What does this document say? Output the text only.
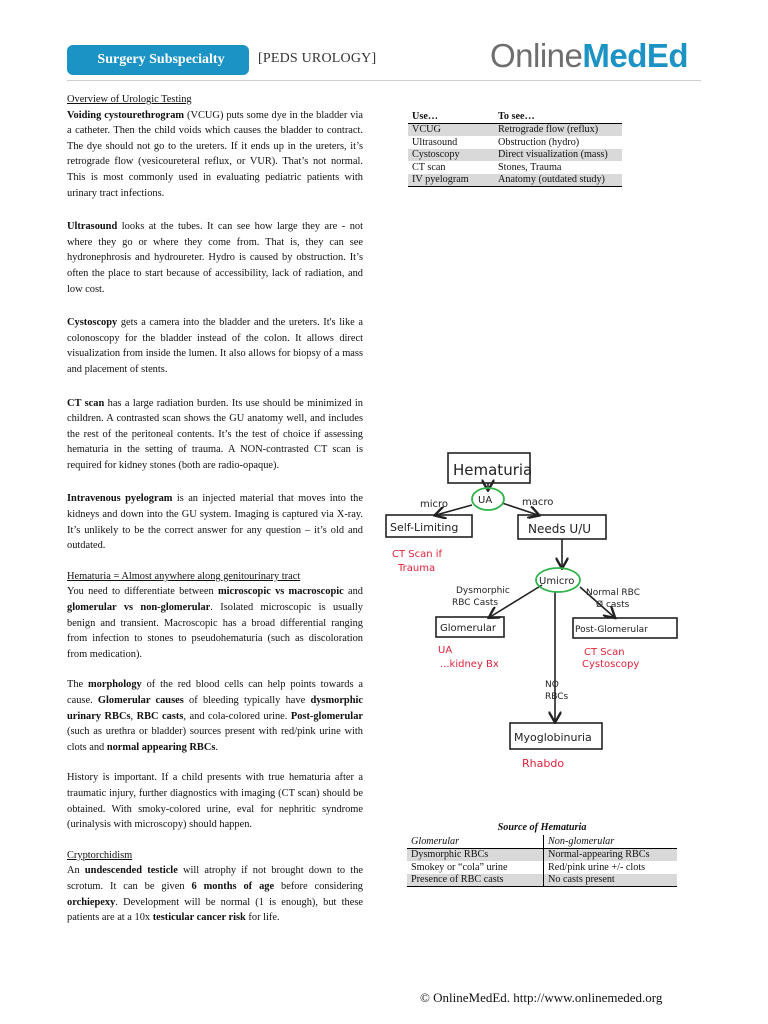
Surgery Subspecialty	[PEDS UROLOGY]	OnlineMedEd

Overview of Urologic Testing

Voiding cystourethrogram (VCUG) puts some dye in the bladder via a catheter. Then the child voids which causes the bladder to contract. The dye should not go to the ureters. If it ends up in the ureters, it’s retrograde flow (vesicoureteral reflux, or VUR). That’s not normal. This is most commonly used in evaluating pediatric patients with urinary tract infections.

Ultrasound looks at the tubes. It can see how large they are - not where they go or where they come from. That is, they can see hydronephrosis and hydroureter. Hydro is caused by obstruction. It’s often the place to start because of accessibility, lack of radiation, and low cost.

Cystoscopy gets a camera into the bladder and the ureters. It's like a colonoscopy for the bladder instead of the colon. It allows direct visualization from inside the lumen. It also allows for biopsy of a mass and placement of stents.

CT scan has a large radiation burden. Its use should be minimized in children. A contrasted scan shows the GU anatomy well, and includes the rest of the peritoneal contents. It’s the test of choice if assessing hematuria in the setting of trauma. A NON-contrasted CT scan is required for kidney stones (both are radio-opaque).

Intravenous pyelogram is an injected material that moves into the kidneys and down into the GU system. Imaging is captured via X-ray. It’s unlikely to be the correct answer for any question – it’s old and outdated.

Hematuria = Almost anywhere along genitourinary tract

You need to differentiate between microscopic vs macroscopic and glomerular vs non-glomerular. Isolated microscopic is usually benign and transient. Macroscopic has a broad differential ranging from infection to stones to pseudohematuria (such as discoloration from medication).

The morphology of the red blood cells can help points towards a cause. Glomerular causes of bleeding typically have dysmorphic urinary RBCs, RBC casts, and cola-colored urine. Post-glomerular (such as urethra or bladder) sources present with red/pink urine with clots and normal appearing RBCs.

History is important. If a child presents with true hematuria after a traumatic injury, further diagnostics with imaging (CT scan) should be obtained. With smoky-colored urine, eval for nephritic syndrome (urinalysis with microscopy) should happen.

Cryptorchidism

An undescended testicle will atrophy if not brought down to the scrotum. It can be given 6 months of age before considering orchiepexy. Development will be normal (1 is enough), but these patients are at a 10x testicular cancer risk for life.

Use…	To see…
VCUG	Retrograde flow (reflux)
Ultrasound	Obstruction (hydro)
Cystoscopy	Direct visualization (mass)
CT scan	Stones, Trauma
IV pyelogram	Anatomy (outdated study)
Hematuria
UA
micro	macro
Self-Limiting	Needs U/U
Umicro
Dysmorphic
RBC Casts
Normal RBC
Ø casts
Glomerular	Post-Glomerular
NO
RBCs
Myoglobinuria
CT Scan if
Trauma
UA
...kidney Bx
CT Scan
Cystoscopy
Rhabdo
Source of Hematuria
Glomerular	Non-glomerular
Dysmorphic RBCs	Normal-appearing RBCs
Smokey or “cola” urine	Red/pink urine +/- clots
Presence of RBC casts	No casts present
© OnlineMedEd. http://www.onlinemeded.org
